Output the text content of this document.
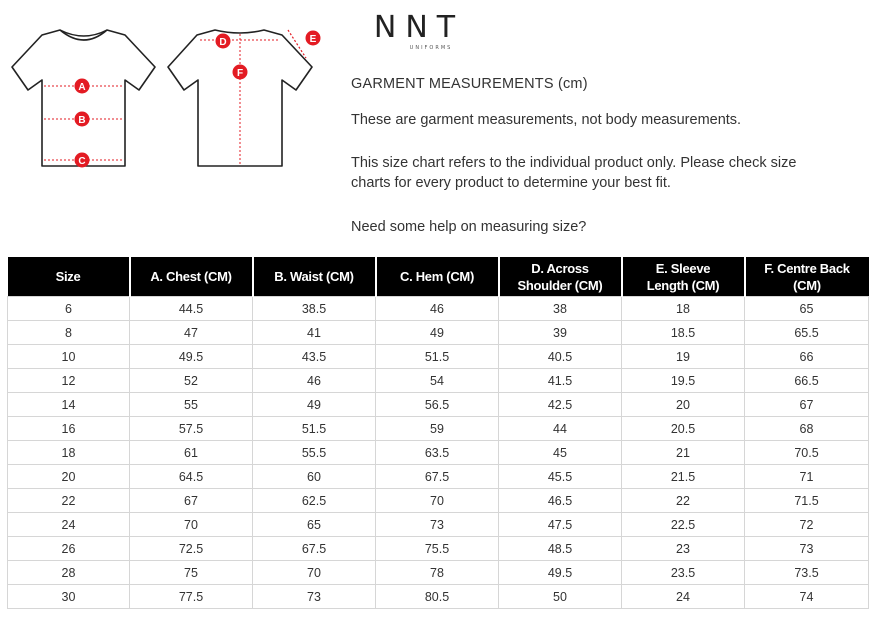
A
B
C
D	E
F
NNT
UNIFORMS
GARMENT MEASUREMENTS (cm)
These are garment measurements, not body measurements.
This size chart refers to the individual product only. Please check size
charts for every product to determine your best fit.
Need some help on measuring size?
Size	A. Chest (CM)	B. Waist (CM)	C. Hem (CM)	D. Across
Shoulder (CM)	E. Sleeve
Length (CM)	F. Centre Back
(CM)
6	44.5	38.5	46	38	18	65
8	47	41	49	39	18.5	65.5
10	49.5	43.5	51.5	40.5	19	66
12	52	46	54	41.5	19.5	66.5
14	55	49	56.5	42.5	20	67
16	57.5	51.5	59	44	20.5	68
18	61	55.5	63.5	45	21	70.5
20	64.5	60	67.5	45.5	21.5	71
22	67	62.5	70	46.5	22	71.5
24	70	65	73	47.5	22.5	72
26	72.5	67.5	75.5	48.5	23	73
28	75	70	78	49.5	23.5	73.5
30	77.5	73	80.5	50	24	74
